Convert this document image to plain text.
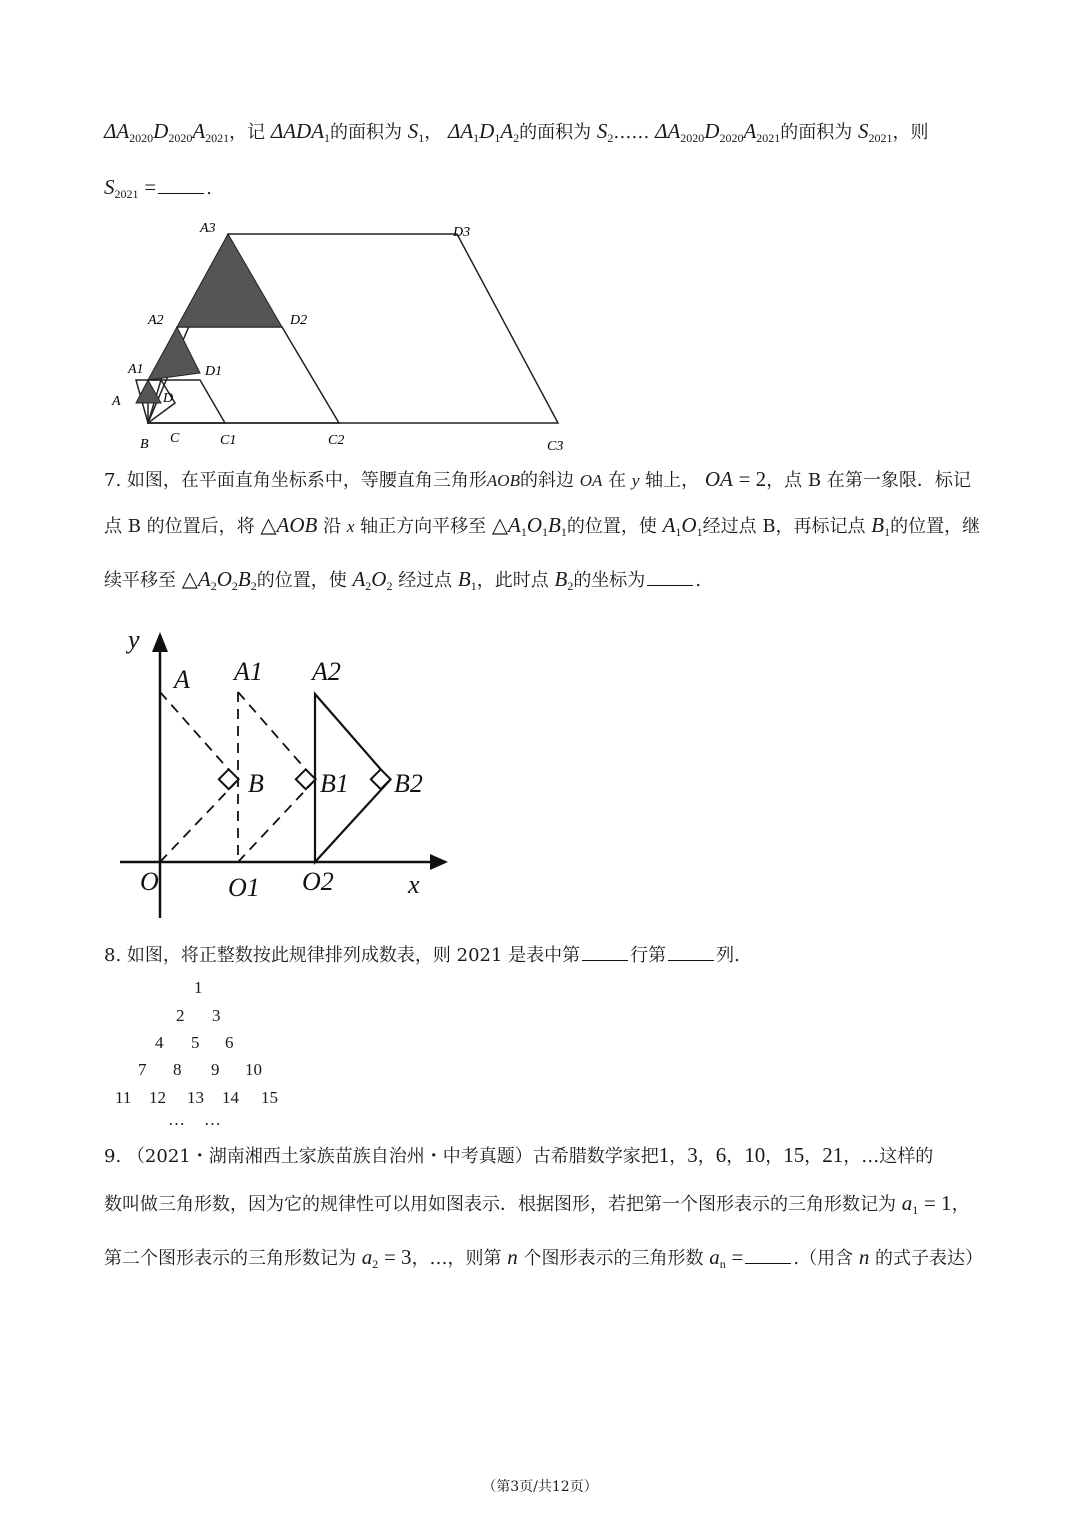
$\Delta A_{2020}D_{2020}A_{2021}$，记 $\Delta ADA_1$的面积为 $S_1$， $\Delta A_1D_1A_2$的面积为 $S_2\dots\dots$ $\Delta A_{2020}D_{2020}A_{2021}$的面积为 $S_{2021}$，则
$S_{2021}$ =	.
A3	D3
A2	D2
A1	D1
A	D
B C	C1	C2	C3
7. 如图，在平面直角坐标系中，等腰直角三角形AOB的斜边 OA 在 y 轴上， OA = 2，点 B 在第一象限．标记
点 B 的位置后，将 △AOB 沿 x 轴正方向平移至 $\triangle A_1O_1B_1$的位置，使 $A_1O_1$经过点 B，再标记点 $B_1$的位置，继
续平移至 $\triangle A_2O_2B_2$的位置，使 $A_2O_2$ 经过点 $B_1$，此时点 $B_2$的坐标为	.
y
x
O	O1 O2
A A1 A2
B B1 B2
8. 如图，将正整数按此规律排列成数表，则 2021 是表中第	行第	列.
1
2 3
4 5 6
7 8 9 10
11 12 13 14 15
… …
9. （2021・湖南湘西土家族苗族自治州・中考真题）古希腊数学家把1，3，6，10，15，21，…这样的
数叫做三角形数，因为它的规律性可以用如图表示．根据图形，若把第一个图形表示的三角形数记为 $a_1 = 1$，
第二个图形表示的三角形数记为 $a_2 = 3$，…，则第 n 个图形表示的三角形数 $a_n$ =	.（用含 n 的式子表达）
（第3页/共12页）
